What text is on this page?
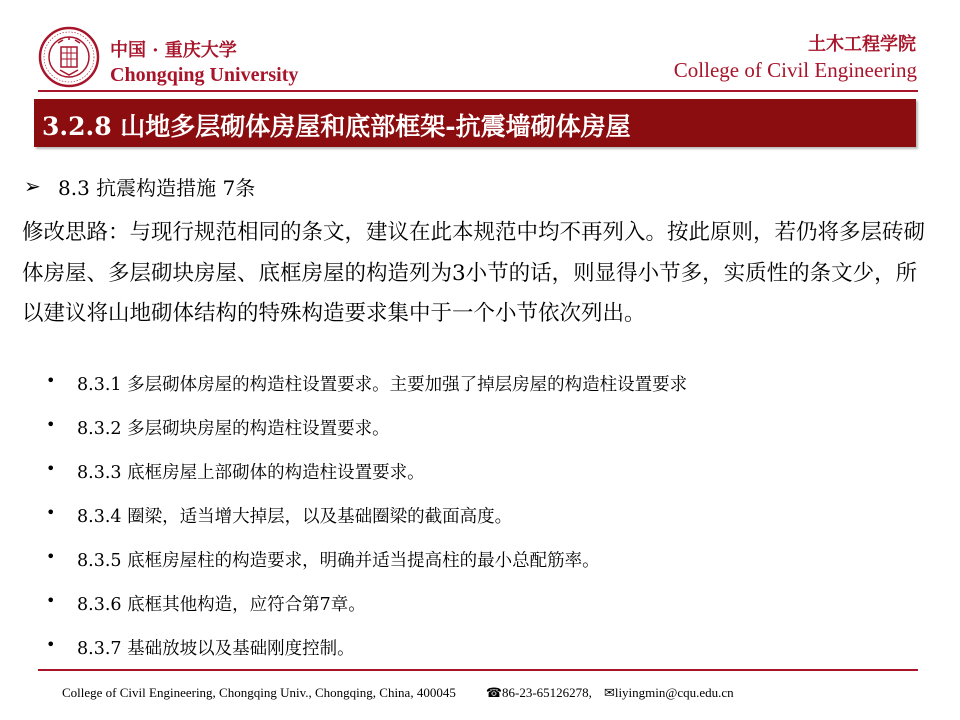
中国 · 重庆大学
Chongqing University
土木工程学院
College of Civil Engineering
3.2.8 山地多层砌体房屋和底部框架-抗震墙砌体房屋
➢ 8.3 抗震构造措施 7条
修改思路：与现行规范相同的条文，建议在此本规范中均不再列入。按此原则，若仍将多层砖砌体房屋、多层砌块房屋、底框房屋的构造列为3小节的话，则显得小节多，实质性的条文少，所以建议将山地砌体结构的特殊构造要求集中于一个小节依次列出。
• 8.3.1 多层砌体房屋的构造柱设置要求。主要加强了掉层房屋的构造柱设置要求
• 8.3.2 多层砌块房屋的构造柱设置要求。
• 8.3.3 底框房屋上部砌体的构造柱设置要求。
• 8.3.4 圈梁，适当增大掉层，以及基础圈梁的截面高度。
• 8.3.5 底框房屋柱的构造要求，明确并适当提高柱的最小总配筋率。
• 8.3.6 底框其他构造，应符合第7章。
• 8.3.7 基础放坡以及基础刚度控制。
College of Civil Engineering, Chongqing Univ., Chongqing, China, 400045 ☎86-23-65126278, ✉liyingmin@cqu.edu.cn
